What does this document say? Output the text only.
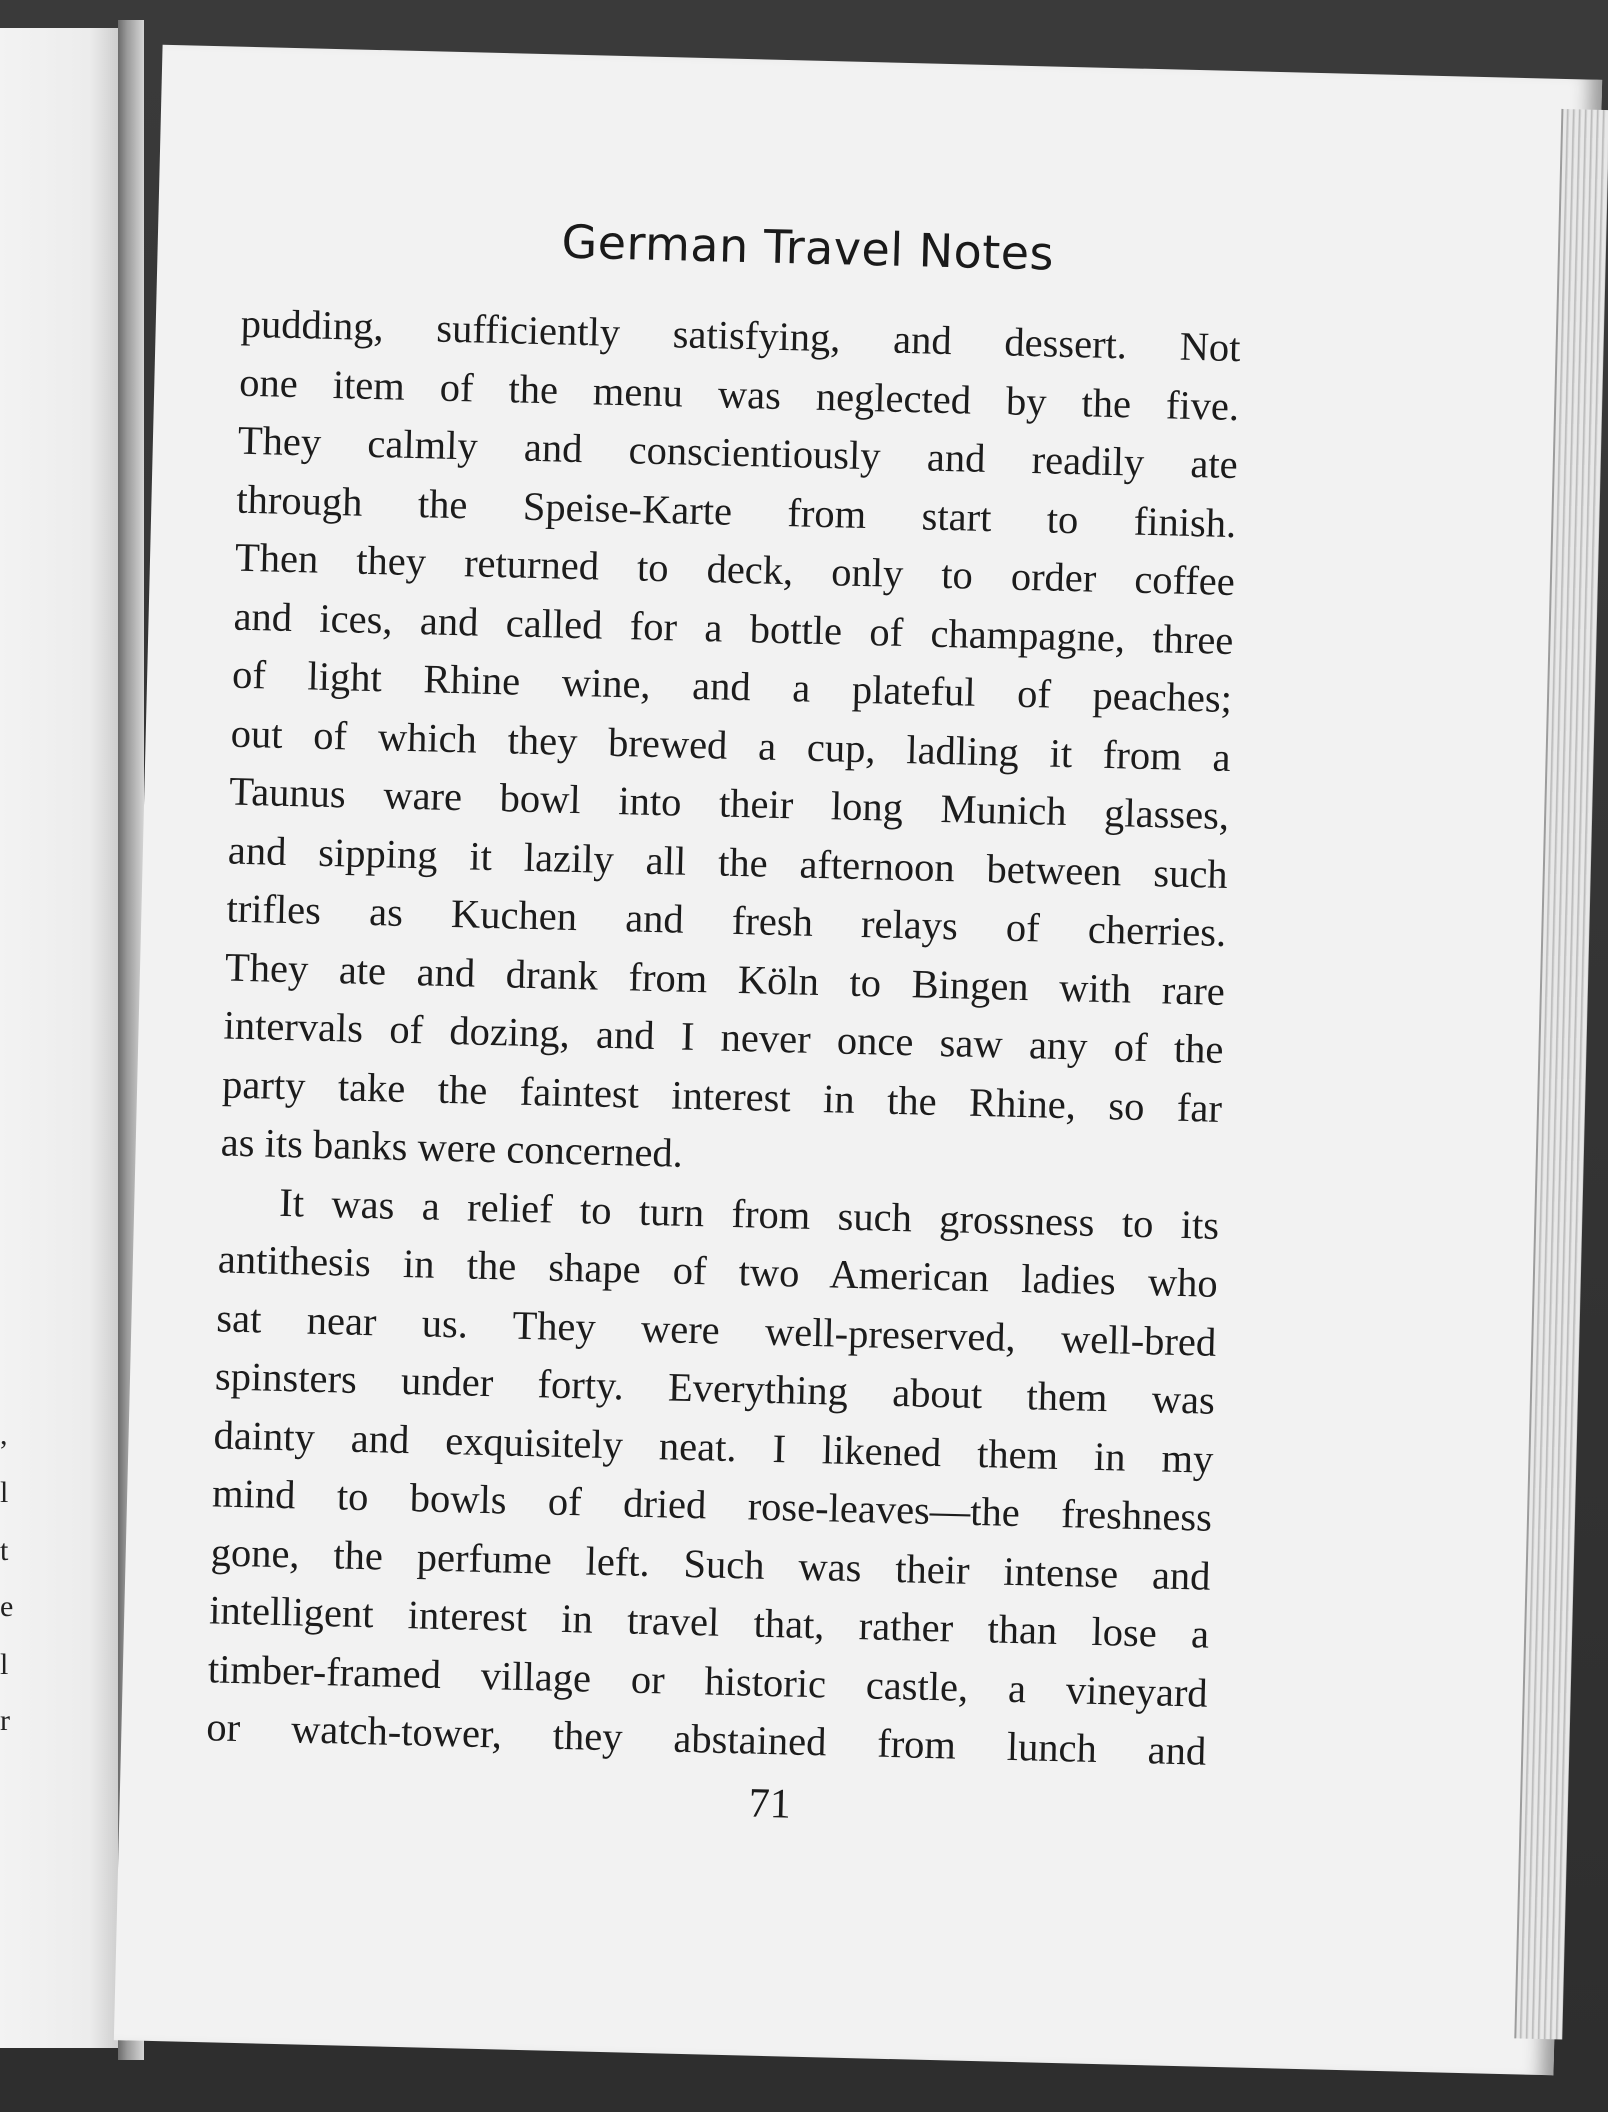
,
l
t
e
l
r
German Travel Notes
pudding, sufficiently satisfying, and dessert. Not
one item of the menu was neglected by the five.
They calmly and conscientiously and readily ate
through the Speise-Karte from start to finish.
Then they returned to deck, only to order coffee
and ices, and called for a bottle of champagne, three
of light Rhine wine, and a plateful of peaches;
out of which they brewed a cup, ladling it from a
Taunus ware bowl into their long Munich glasses,
and sipping it lazily all the afternoon between such
trifles as Kuchen and fresh relays of cherries.
They ate and drank from Köln to Bingen with rare
intervals of dozing, and I never once saw any of the
party take the faintest interest in the Rhine, so far
as its banks were concerned.
It was a relief to turn from such grossness to its
antithesis in the shape of two American ladies who
sat near us. They were well-preserved, well-bred
spinsters under forty. Everything about them was
dainty and exquisitely neat. I likened them in my
mind to bowls of dried rose-leaves—the freshness
gone, the perfume left. Such was their intense and
intelligent interest in travel that, rather than lose a
timber-framed village or historic castle, a vineyard
or watch-tower, they abstained from lunch and
71
